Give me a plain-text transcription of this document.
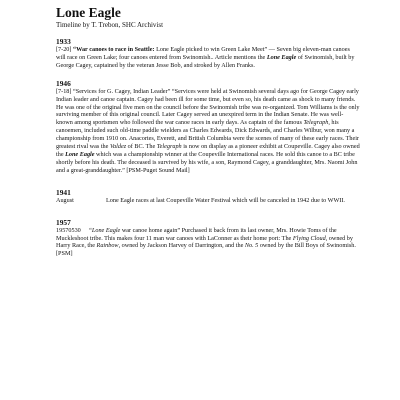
Lone Eagle
Timeline by T. Trebon, SHC Archivist
1933

[7-20] “War canoes to race in Seattle: Lone Eagle picked to win Green Lake Meet” — Seven big eleven-man canoes will race on Green Lake; four canoes entered from Swinomish.. Article mentions the Lone Eagle of Swinomish, built by George Cagey, captained by the veteran Jesse Bob, and stroked by Allen Franks.

1946

[7-18] “Services for G. Cagey, Indian Leader” “Services were held at Swinomish several days ago for George Cagey early Indian leader and canoe captain. Cagey had been ill for some time, but even so, his death came as shock to many friends. He was one of the original five men on the council before the Swinomish tribe was re-organized. Tom Williams is the only surviving member of this original council. Later Cagey served an unexpired term in the Indian Senate. He was well-known among sportsmen who followed the war canoe races in early days. As captain of the famous Telegraph, his canoemen, included such old-time paddle wielders as Charles Edwards, Dick Edwards, and Charles Wilbur, won many a championship from 1910 on. Anacortes, Everett, and British Columbia were the scenes of many of these early races. Their greatest rival was the Valdez of BC. The Telegraph is now on display as a pioneer exhibit at Coupeville. Cagey also owned the Lone Eagle which was a championship winner at the Coupeville International races. He sold this canoe to a BC tribe shortly before his death. The deceased is survived by his wife, a son, Raymond Cagey, a granddaughter, Mrs. Naomi John and a great-granddaughter.” [PSM-Puget Sound Mail]

1941
August	Lone Eagle races at last Coupeville Water Festival which will be canceled in 1942 due to WWII.
1957

19570530     “Lone Eagle war canoe home again” Purchased it back from its last owner, Mrs. Howie Toms of the Muckleshoot tribe. This makes four 11 man war canoes with LaConner as their home port: The Flying Cloud, owned by Harry Race, the Rainbow, owned by Jackson Harvey of Darrington, and the No. 5 owned by the Bill Boys of Swinomish. [PSM]
